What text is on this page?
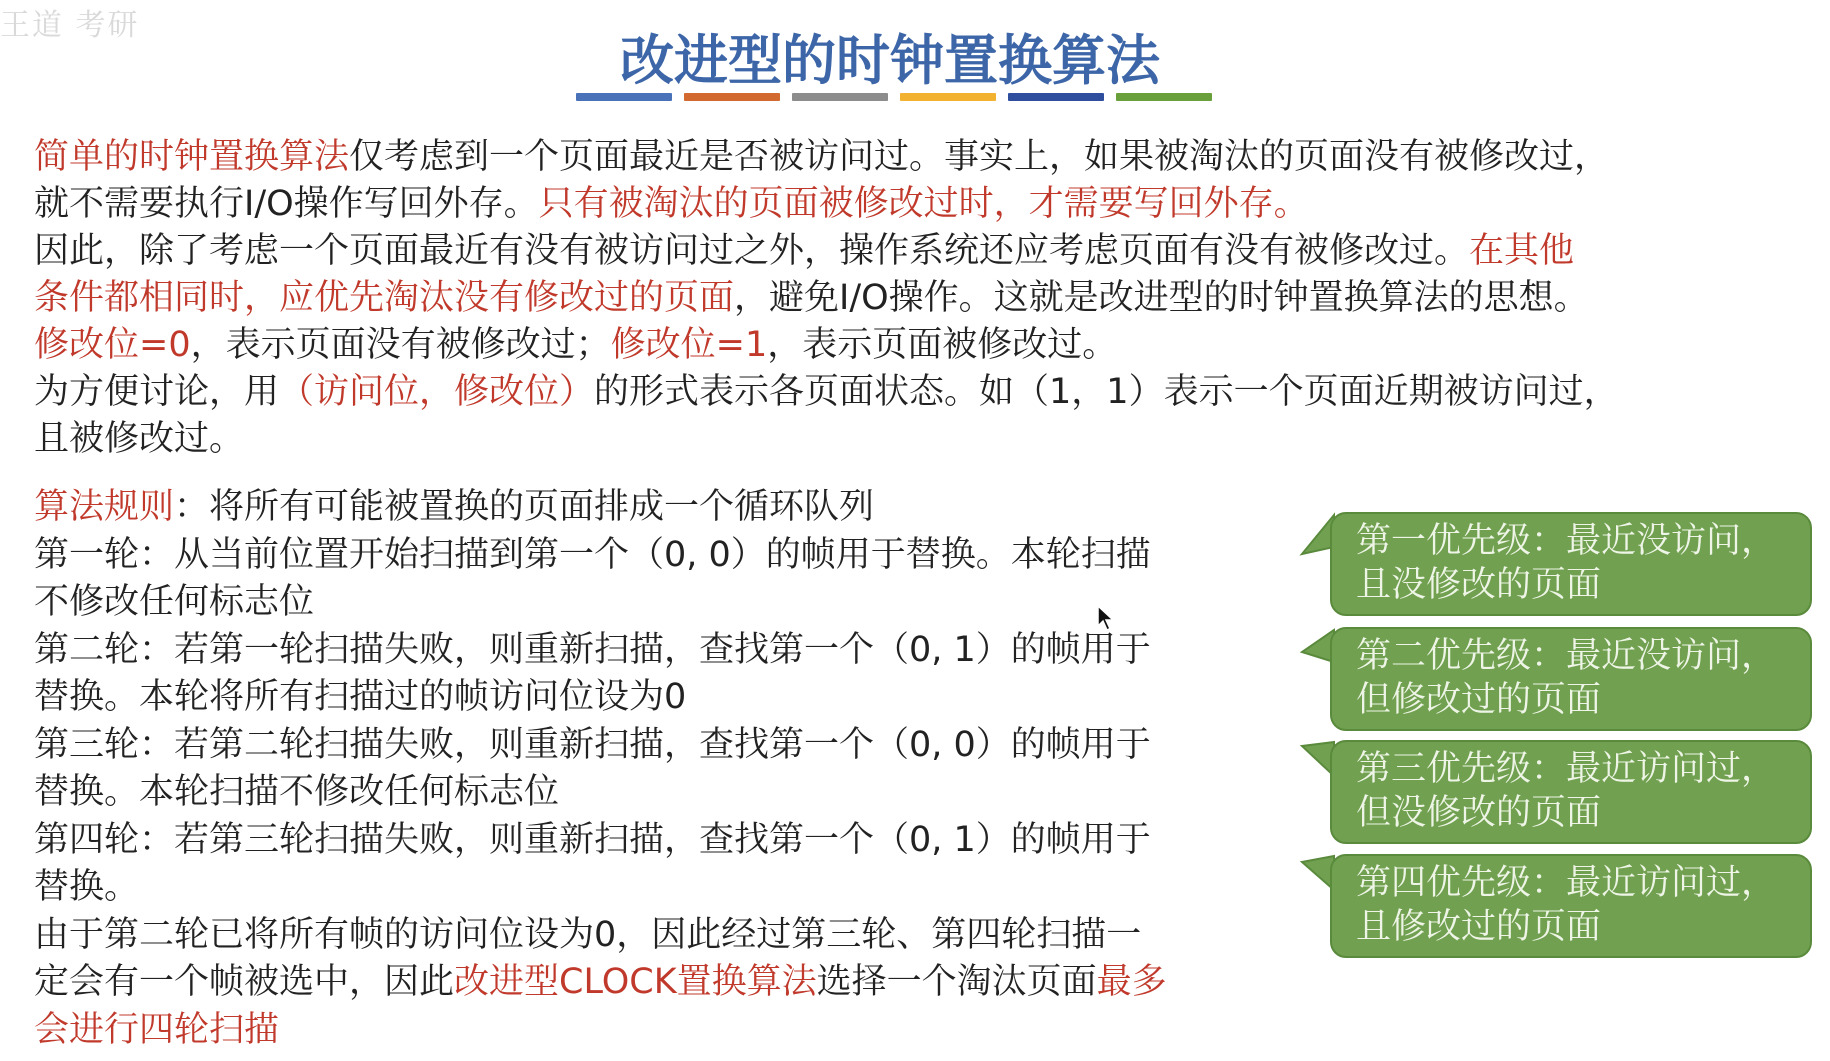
王道 考研
改进型的时钟置换算法
简单的时钟置换算法仅考虑到一个页面最近是否被访问过。事实上，如果被淘汰的页面没有被修改过，
就不需要执行I/O操作写回外存。只有被淘汰的页面被修改过时，才需要写回外存。
因此，除了考虑一个页面最近有没有被访问过之外，操作系统还应考虑页面有没有被修改过。在其他
条件都相同时，应优先淘汰没有修改过的页面，避免I/O操作。这就是改进型的时钟置换算法的思想。
修改位=0，表示页面没有被修改过；修改位=1，表示页面被修改过。
为方便讨论，用（访问位，修改位）的形式表示各页面状态。如（1，1）表示一个页面近期被访问过，
且被修改过。
算法规则：将所有可能被置换的页面排成一个循环队列
第一轮：从当前位置开始扫描到第一个（0, 0）的帧用于替换。本轮扫描
不修改任何标志位
第二轮：若第一轮扫描失败，则重新扫描，查找第一个（0, 1）的帧用于
替换。本轮将所有扫描过的帧访问位设为0
第三轮：若第二轮扫描失败，则重新扫描，查找第一个（0, 0）的帧用于
替换。本轮扫描不修改任何标志位
第四轮：若第三轮扫描失败，则重新扫描，查找第一个（0, 1）的帧用于
替换。
由于第二轮已将所有帧的访问位设为0，因此经过第三轮、第四轮扫描一
定会有一个帧被选中，因此改进型CLOCK置换算法选择一个淘汰页面最多
会进行四轮扫描
第一优先级：最近没访问，
且没修改的页面
第二优先级：最近没访问，
但修改过的页面
第三优先级：最近访问过，
但没修改的页面
第四优先级：最近访问过，
且修改过的页面
